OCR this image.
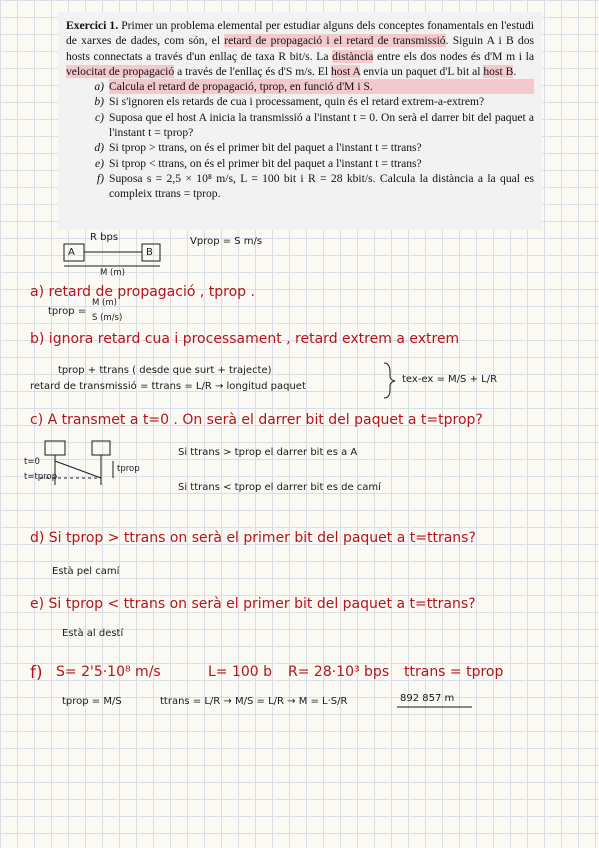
Exercici 1. Primer un problema elemental per estudiar alguns dels conceptes fonamentals en l'estudi de xarxes de dades, com són, el retard de propagació i el retard de transmissió. Siguin A i B dos hosts connectats a través d'un enllaç de taxa R bit/s. La distància entre els dos nodes és d'M m i la velocitat de propagació a través de l'enllaç és d'S m/s. El host A envia un paquet d'L bit al host B.

a) Calcula el retard de propagació, tprop, en funció d'M i S.
b) Si s'ignoren els retards de cua i processament, quin és el retard extrem-a-extrem?
c) Suposa que el host A inicia la transmissió a l'instant t = 0. On serà el darrer bit del paquet a l'instant t = tprop?
d) Si tprop > ttrans, on és el primer bit del paquet a l'instant t = ttrans?
e) Si tprop < ttrans, on és el primer bit del paquet a l'instant t = ttrans?
f) Suposa s = 2,5 × 10⁸ m/s, L = 100 bit i R = 28 kbit/s. Calcula la distància a la qual es compleix ttrans = tprop.
A	B
R bps
M (m)
Vprop = S m/s
a) retard de propagació , tprop .
tprop =
M (m)
S (m/s)
b) ignora retard cua i processament , retard extrem a extrem
tprop + ttrans ( desde que surt + trajecte)
retard de transmissió = ttrans = L/R → longitud paquet
tex-ex = M/S + L/R
c) A transmet a t=0 . On serà el darrer bit del paquet a t=tprop?
t=0
t=tprop
tprop
Si ttrans > tprop el darrer bit es a A
Si ttrans < tprop el darrer bit es de camí
d) Si tprop > ttrans on serà el primer bit del paquet a t=ttrans?
Està pel camí
e) Si tprop < ttrans on serà el primer bit del paquet a t=ttrans?
Està al destí
f) S= 2'5·10⁸ m/s	L= 100 b R= 28·10³ bps ttrans = tprop
tprop = M/S	ttrans = L/R → M/S = L/R → M = L·S/R	892 857 m
